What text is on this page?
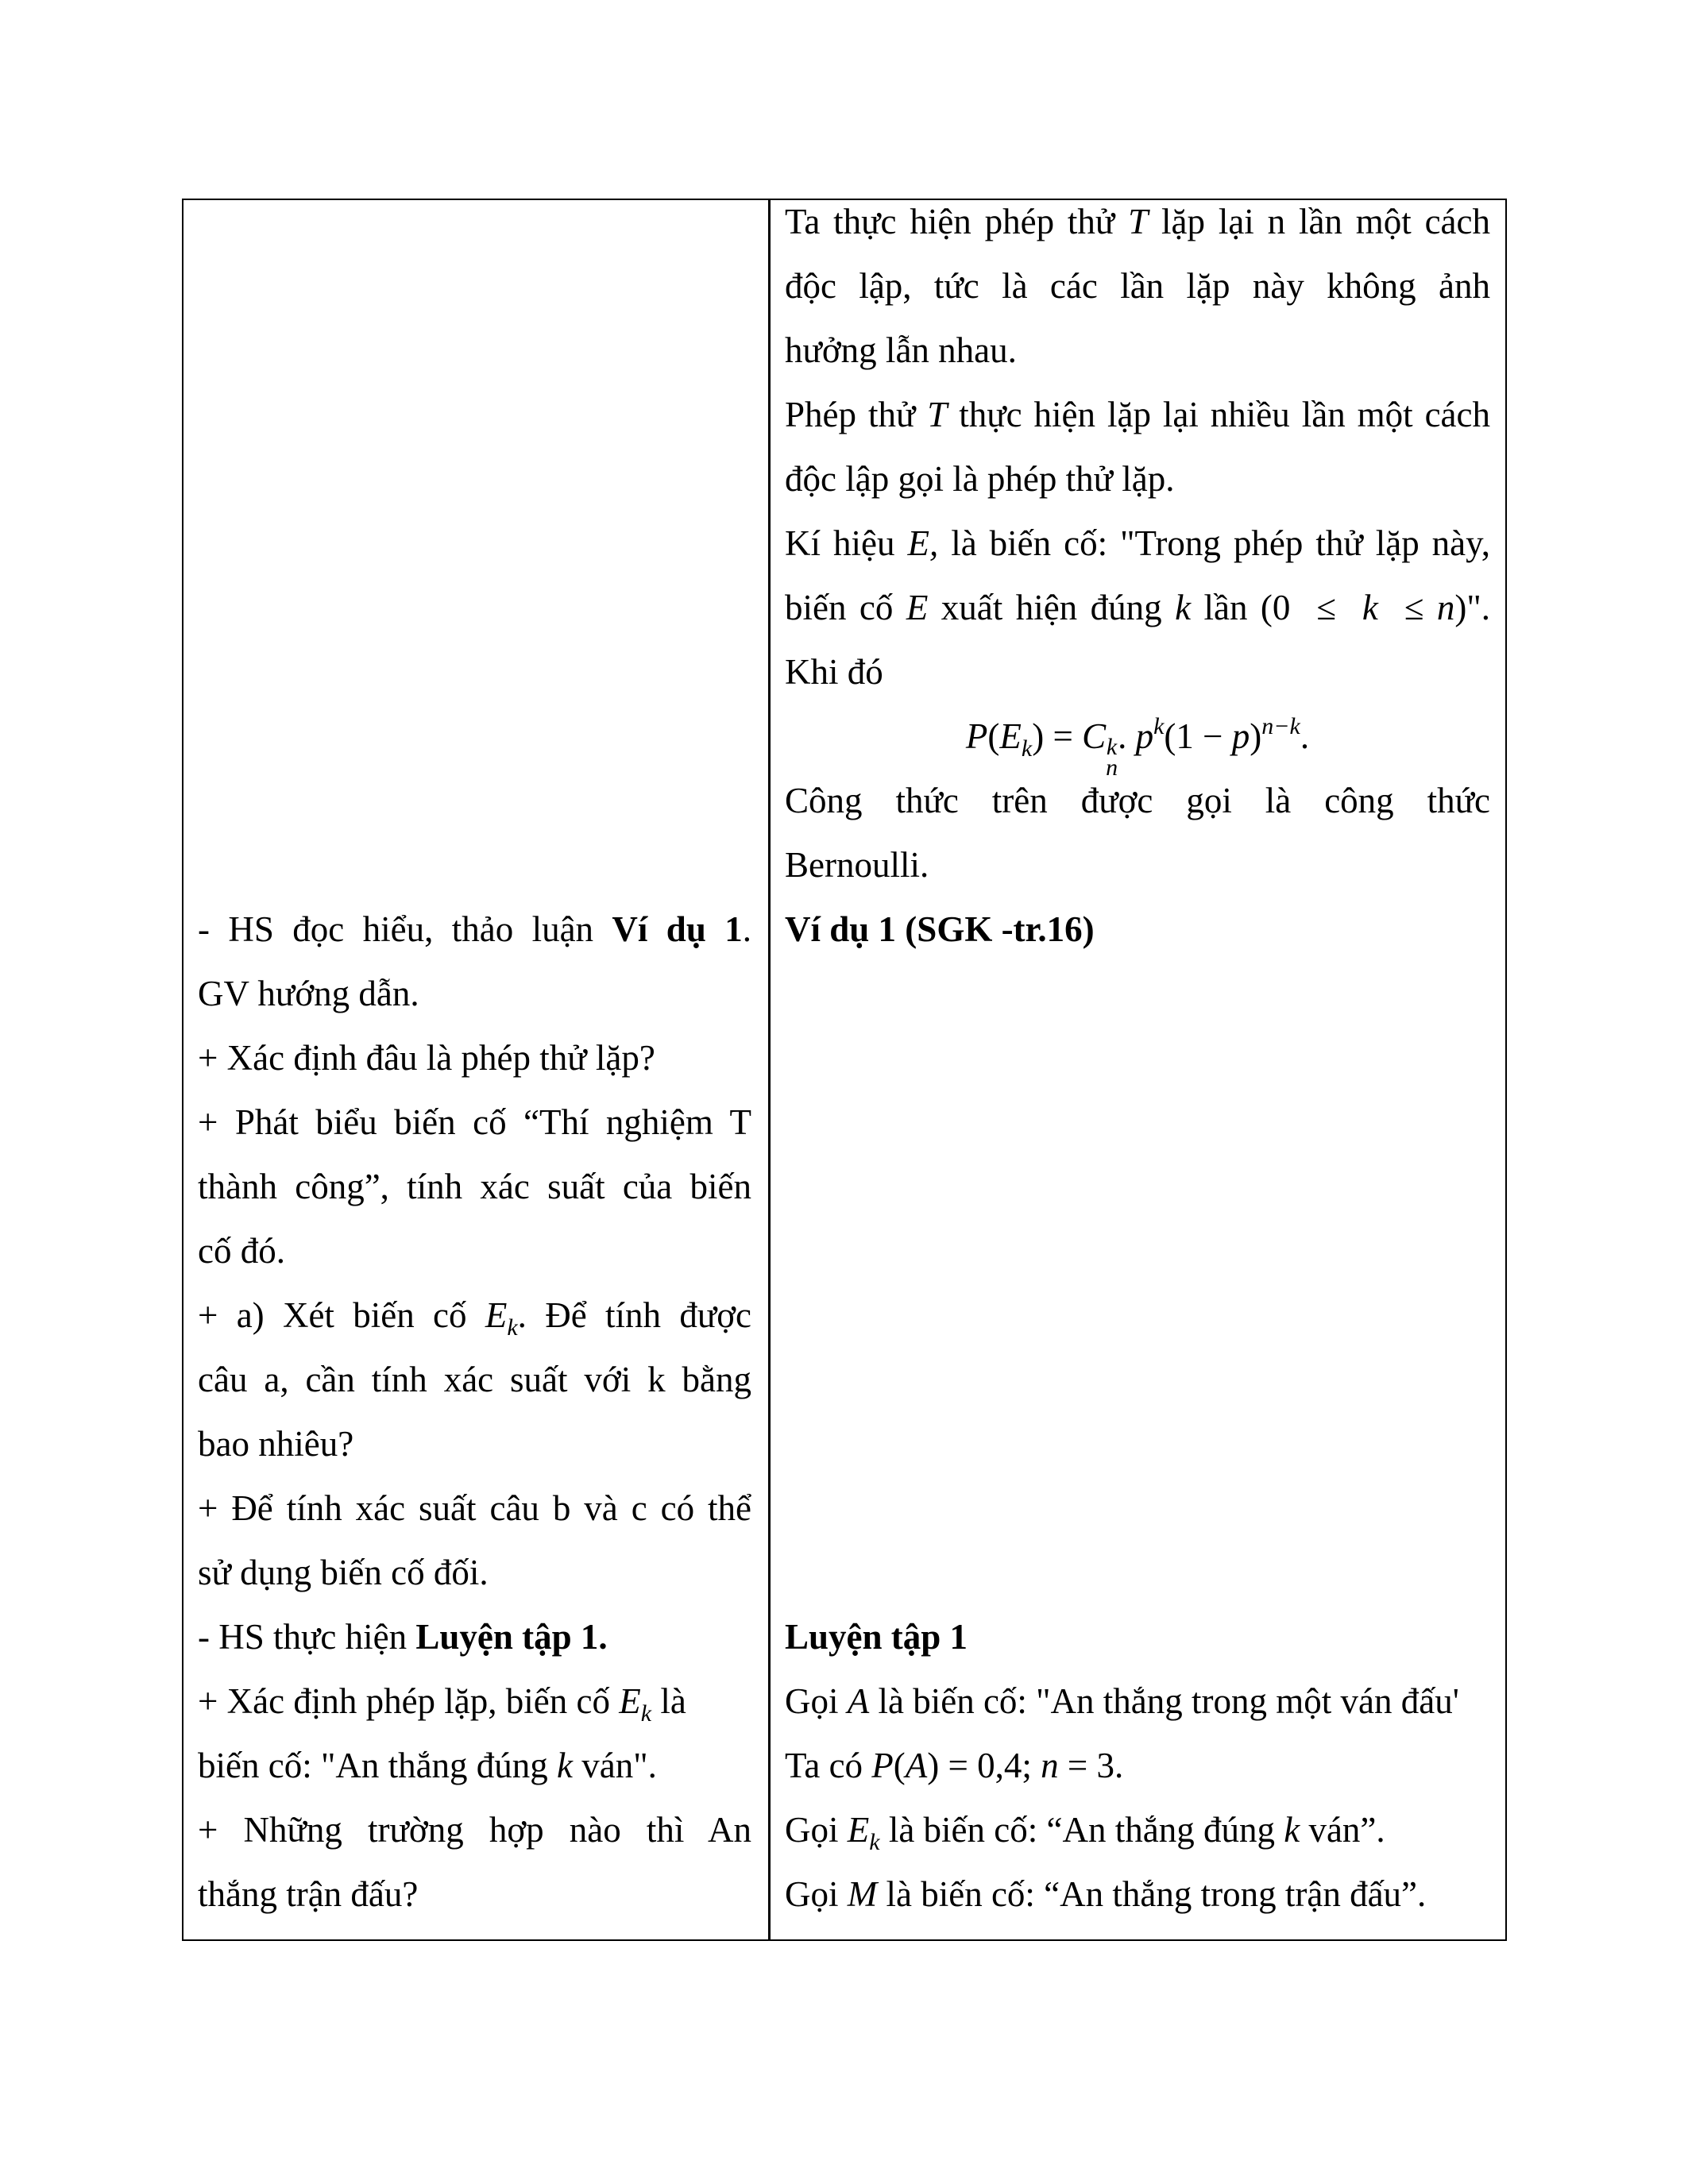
- HS đọc hiểu, thảo luận Ví dụ 1.
GV hướng dẫn.
+ Xác định đâu là phép thử lặp?
+ Phát biểu biến cố “Thí nghiệm T
thành công”, tính xác suất của biến
cố đó.
+ a) Xét biến cố $E_k$. Để tính được
câu a, cần tính xác suất với k bằng
bao nhiêu?
+ Để tính xác suất câu b và c có thể
sử dụng biến cố đối.
- HS thực hiện Luyện tập 1.
+ Xác định phép lặp, biến cố $E_k$ là
biến cố: "An thắng đúng k ván".
+ Những trường hợp nào thì An
thắng trận đấu?
Ta thực hiện phép thử T lặp lại n lần một cách
độc lập, tức là các lần lặp này không ảnh
hưởng lẫn nhau.
Phép thử T thực hiện lặp lại nhiều lần một cách
độc lập gọi là phép thử lặp.
Kí hiệu E, là biến cố: "Trong phép thử lặp này,
biến cố E xuất hiện đúng k lần (0  ≤  k  ≤ n)".
Khi đó
$P(E_k) = C$ k
n
. $p^k(1 - p)^{n-k}$.
Công thức trên được gọi là công thức
Bernoulli.
Ví dụ 1 (SGK -tr.16)
Luyện tập 1
Gọi A là biến cố: "An thắng trong một ván đấu'
Ta có P(A) = 0,4; n = 3.
Gọi $E_k$ là biến cố: “An thắng đúng k ván”.
Gọi M là biến cố: “An thắng trong trận đấu”.
